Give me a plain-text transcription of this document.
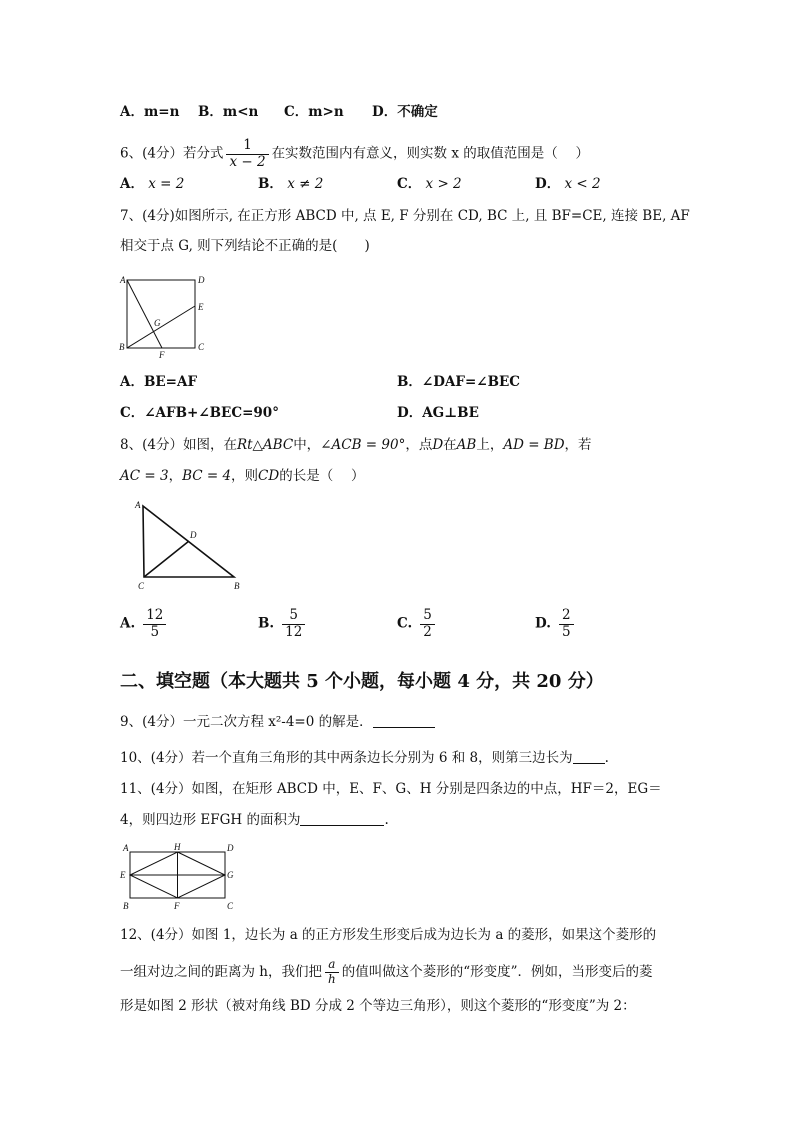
A．m=n B．m<n C．m>n D．不确定
6、(4分）若分式 $\frac{1}{x - 2}$ 在实数范围内有意义，则实数 x 的取值范围是（　 ）
A． x = 2	B． x ≠ 2	C． x > 2	D． x < 2
7、(4分)如图所示, 在正方形 ABCD 中, 点 E, F 分别在 CD, BC 上, 且 BF=CE, 连接 BE, AF
相交于点 G, 则下列结论不正确的是(　　)
A	D
E
G
B	C
F
A．BE=AF	B．∠DAF=∠BEC
C．∠AFB+∠BEC=90°	D．AG⊥BE
8、(4分）如图，在Rt△ABC中，∠ACB = 90°，点D在AB上，AD = BD，若
AC = 3，BC = 4，则CD的长是（　 ）
A
D
C	B
A. $\frac{12}{5}$	B. $\frac{5}{12}$	C. $\frac{5}{2}$	D. $\frac{2}{5}$
二、填空题（本大题共 5 个小题，每小题 4 分，共 20 分）
9、(4分）一元二次方程 x²-4=0 的解是．
10、(4分）若一个直角三角形的其中两条边长分别为 6 和 8，则第三边长为 .
11、(4分）如图，在矩形 ABCD 中，E、F、G、H 分别是四条边的中点，HF＝2，EG＝
4，则四边形 EFGH 的面积为	.
A	H	D
E	G
B	F	C
12、(4分）如图 1，边长为 a 的正方形发生形变后成为边长为 a 的菱形，如果这个菱形的
一组对边之间的距离为 h，我们把 $\frac{a}{h}$ 的值叫做这个菱形的“形变度”．例如，当形变后的菱
形是如图 2 形状（被对角线 BD 分成 2 个等边三角形），则这个菱形的“形变度”为 2：
